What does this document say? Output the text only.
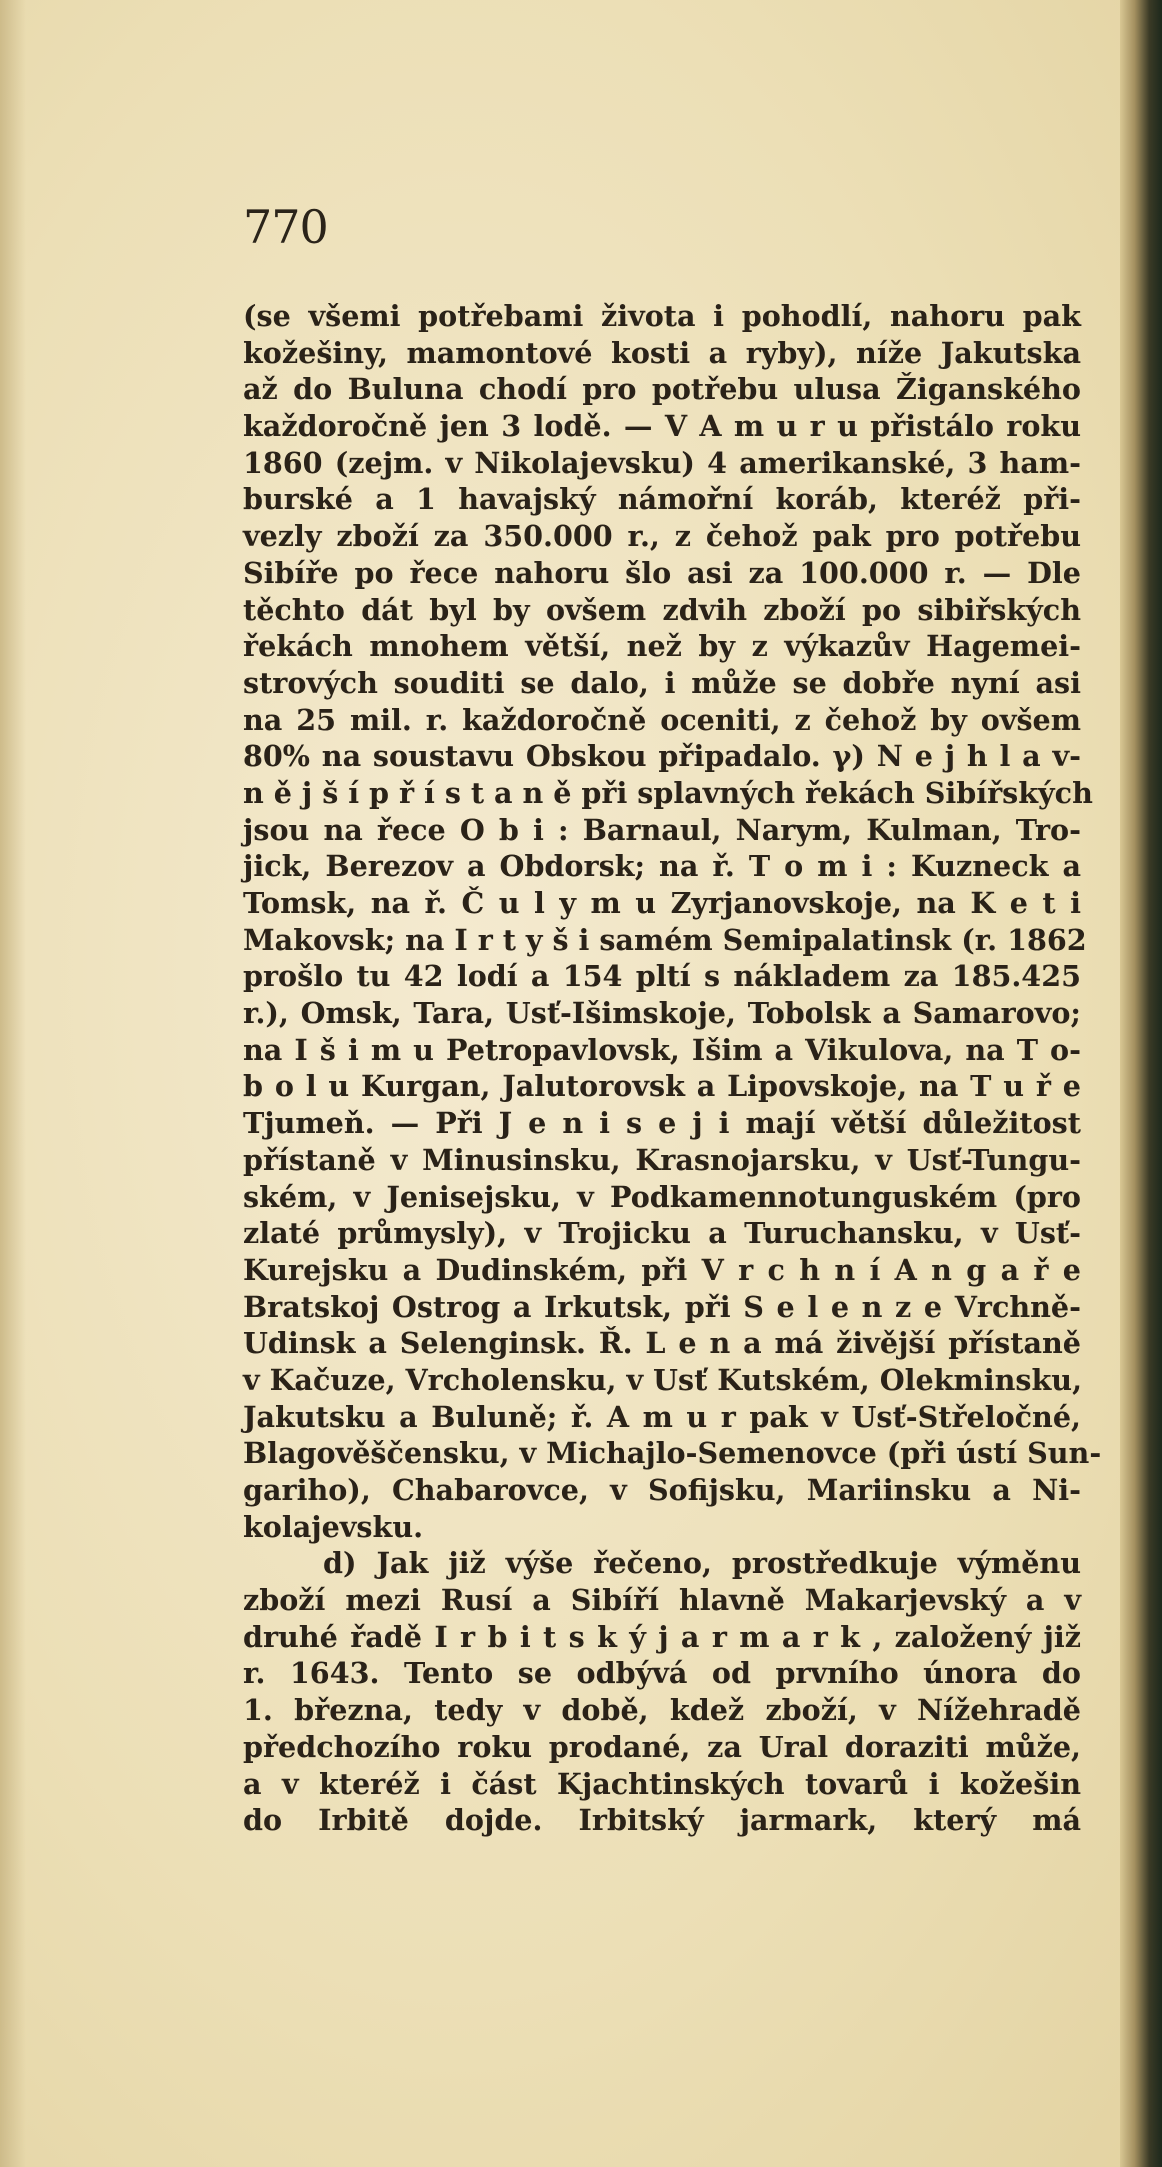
770
(se všemi potřebami života i pohodlí, nahoru pak
kožešiny, mamontové kosti a ryby), níže Jakutska
až do Buluna chodí pro potřebu ulusa Žiganského
každoročně jen 3 lodě. — V A m u r u přistálo roku
1860 (zejm. v Nikolajevsku) 4 amerikanské, 3 ham-
burské a 1 havajský námořní koráb, kteréž při-
vezly zboží za 350.000 r., z čehož pak pro potřebu
Sibíře po řece nahoru šlo asi za 100.000 r. — Dle
těchto dát byl by ovšem zdvih zboží po sibiřských
řekách mnohem větší, než by z výkazův Hagemei-
strových souditi se dalo, i může se dobře nyní asi
na 25 mil. r. každoročně oceniti, z čehož by ovšem
80% na soustavu Obskou připadalo. γ) N e j h l a v-
n ě j š í p ř í s t a n ě při splavných řekách Sibířských
jsou na řece O b i : Barnaul, Narym, Kulman, Tro-
jick, Berezov a Obdorsk; na ř. T o m i : Kuzneck a
Tomsk, na ř. Č u l y m u Zyrjanovskoje, na K e t i
Makovsk; na I r t y š i samém Semipalatinsk (r. 1862
prošlo tu 42 lodí a 154 pltí s nákladem za 185.425
r.), Omsk, Tara, Usť-Išimskoje, Tobolsk a Samarovo;
na I š i m u Petropavlovsk, Išim a Vikulova, na T o-
b o l u Kurgan, Jalutorovsk a Lipovskoje, na T u ř e
Tjumeň. — Při J e n i s e j i mají větší důležitost
přístaně v Minusinsku, Krasnojarsku, v Usť-Tungu-
ském, v Jenisejsku, v Podkamennotunguském (pro
zlaté průmysly), v Trojicku a Turuchansku, v Usť-
Kurejsku a Dudinském, při V r c h n í A n g a ř e
Bratskoj Ostrog a Irkutsk, při S e l e n z e Vrchně-
Udinsk a Selenginsk. Ř. L e n a má živější přístaně
v Kačuze, Vrcholensku, v Usť Kutském, Olekminsku,
Jakutsku a Buluně; ř. A m u r pak v Usť-Střeločné,
Blagověščensku, v Michajlo-Semenovce (při ústí Sun-
gariho), Chabarovce, v Sofijsku, Mariinsku a Ni-
kolajevsku.
d) Jak již výše řečeno, prostředkuje výměnu
zboží mezi Rusí a Sibíří hlavně Makarjevský a v
druhé řadě I r b i t s k ý j a r m a r k , založený již
r. 1643. Tento se odbývá od prvního února do
1. března, tedy v době, kdež zboží, v Nížehradě
předchozího roku prodané, za Ural doraziti může,
a v kteréž i část Kjachtinských tovarů i kožešin
do Irbitě dojde. Irbitský jarmark, který má
